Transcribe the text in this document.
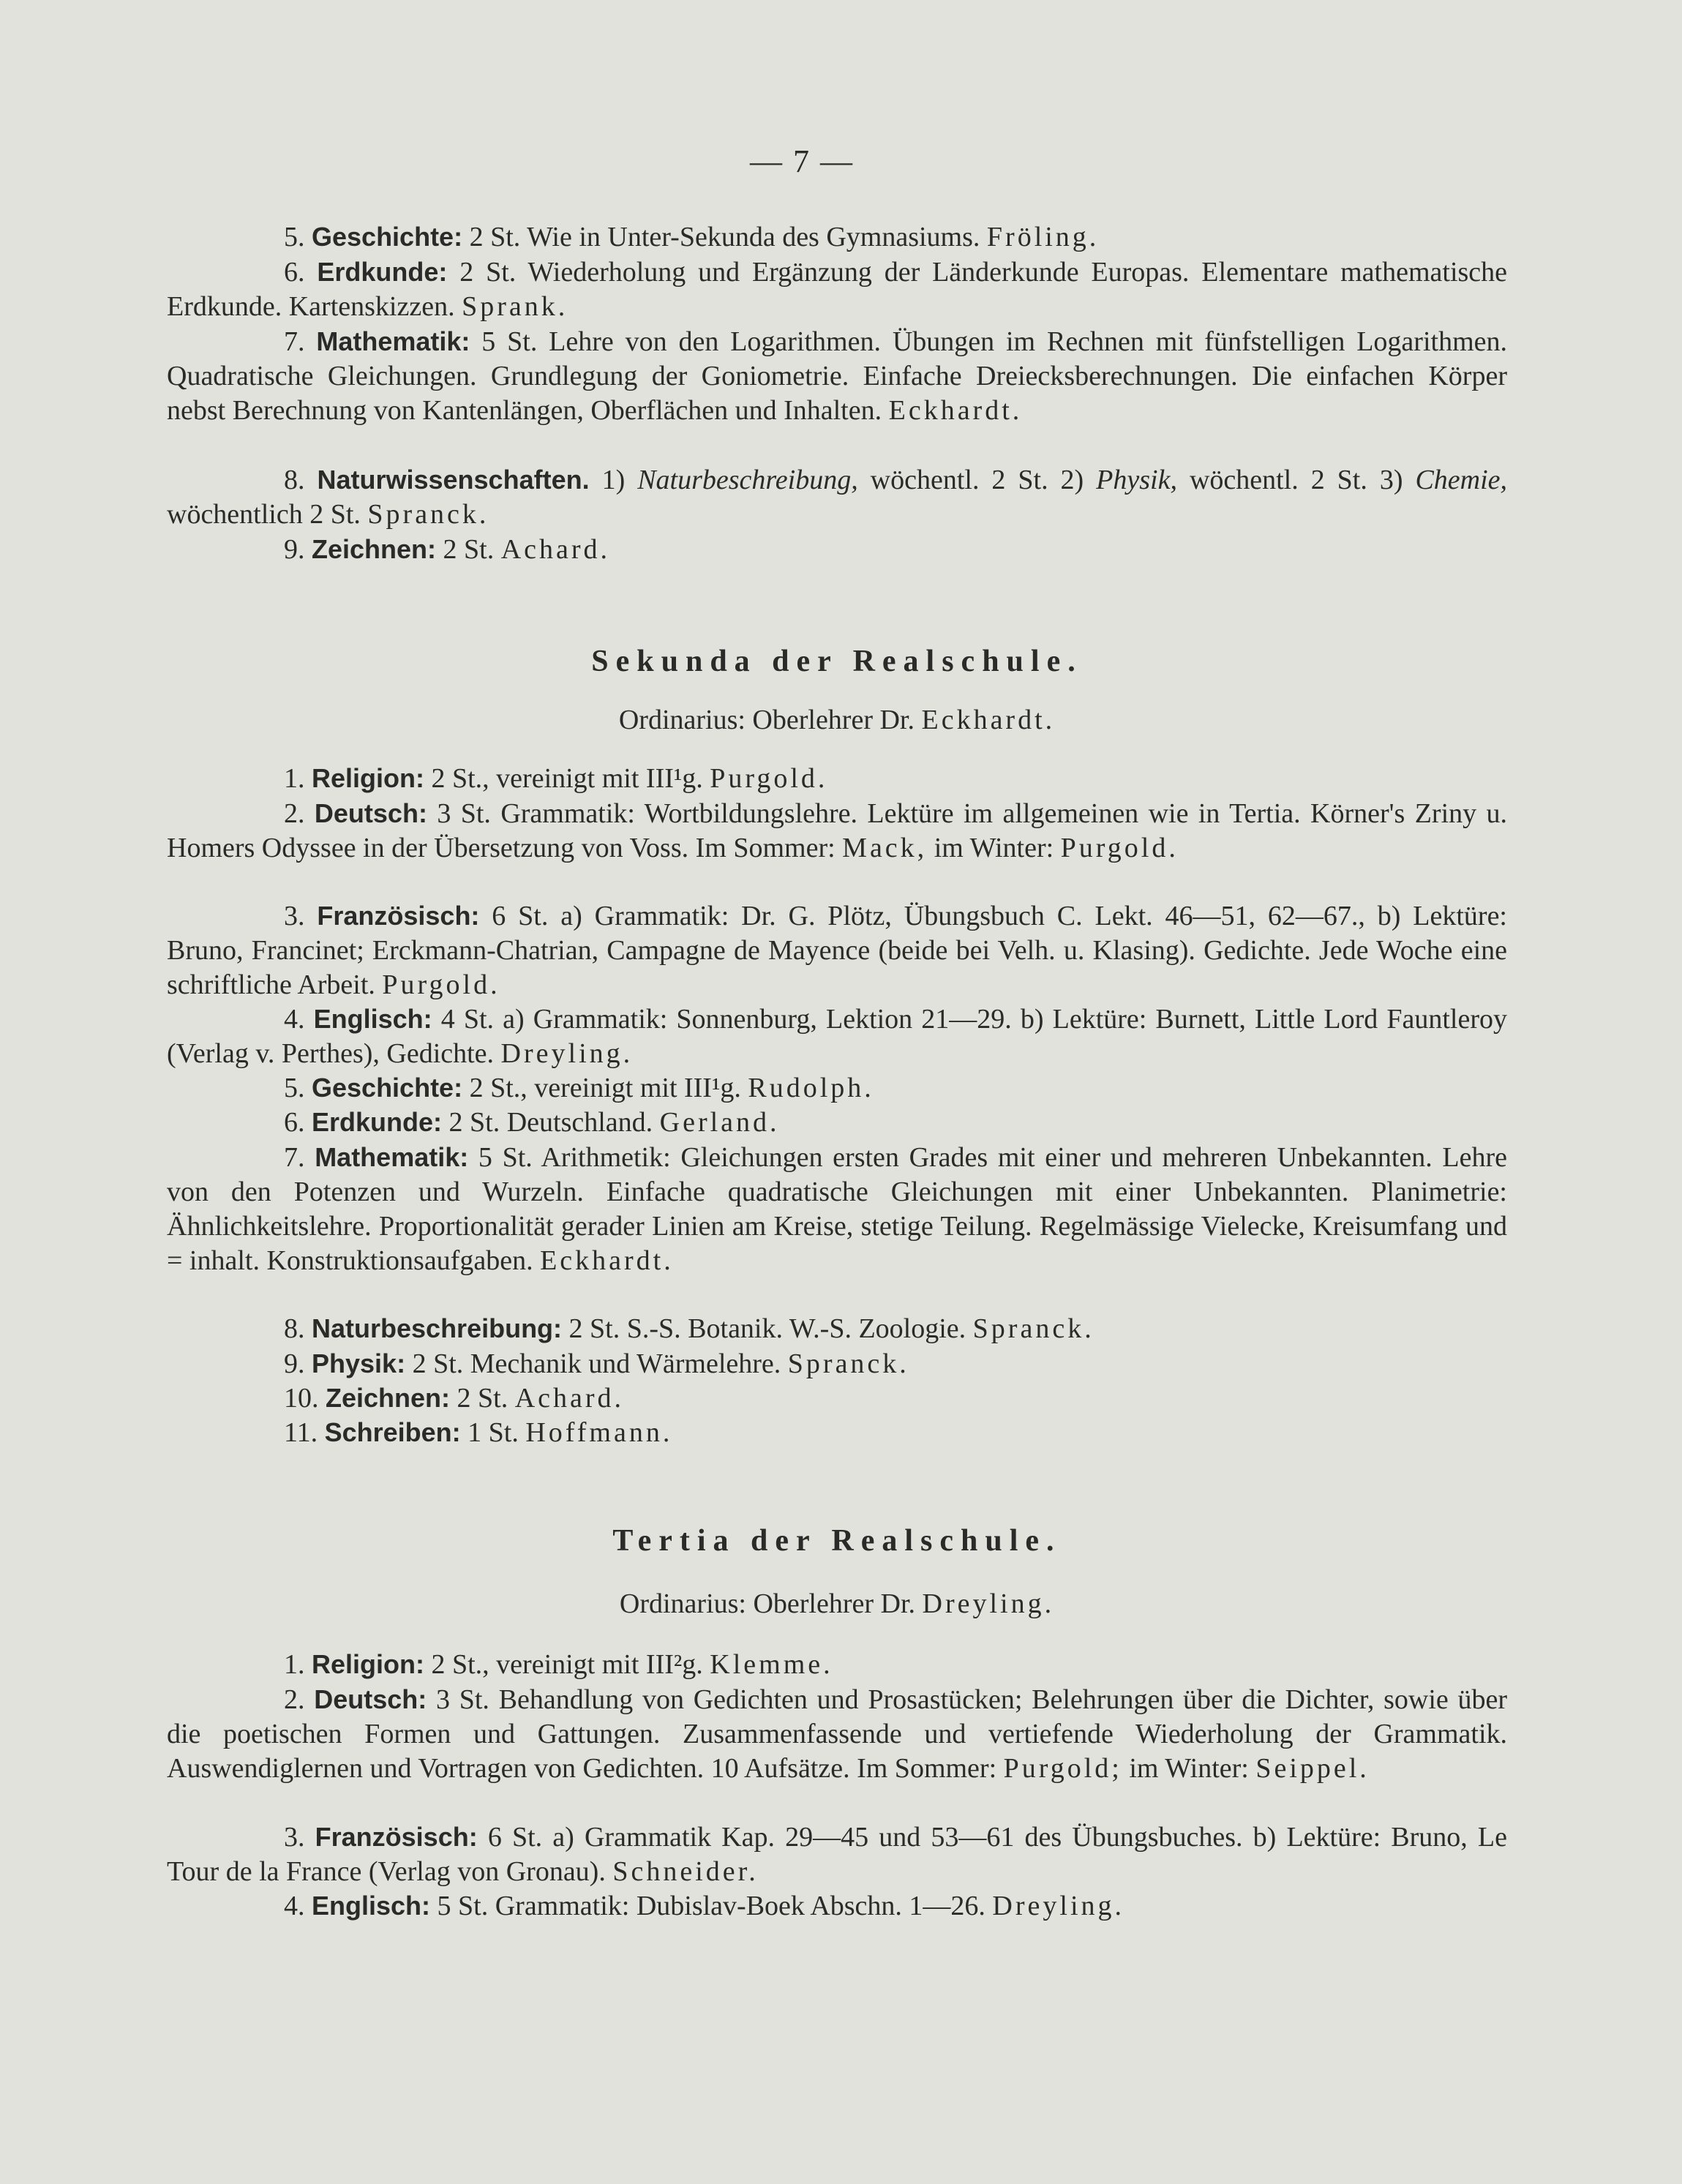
— 7 —
5. Geschichte: 2 St. Wie in Unter-Sekunda des Gymnasiums. Fröling.
6. Erdkunde: 2 St. Wiederholung und Ergänzung der Länderkunde Europas. Elementare mathematische Erdkunde. Kartenskizzen. Sprank.
7. Mathematik: 5 St. Lehre von den Logarithmen. Übungen im Rechnen mit fünfstelligen Logarithmen. Quadratische Gleichungen. Grundlegung der Goniometrie. Einfache Dreiecksberechnungen. Die einfachen Körper nebst Berechnung von Kantenlängen, Oberflächen und Inhalten. Eckhardt.
8. Naturwissenschaften. 1) Naturbeschreibung, wöchentl. 2 St. 2) Physik, wöchentl. 2 St. 3) Chemie, wöchentlich 2 St. Spranck.
9. Zeichnen: 2 St. Achard.
Sekunda der Realschule.
Ordinarius: Oberlehrer Dr. Eckhardt.
1. Religion: 2 St., vereinigt mit III¹g. Purgold.
2. Deutsch: 3 St. Grammatik: Wortbildungslehre. Lektüre im allgemeinen wie in Tertia. Körner's Zriny u. Homers Odyssee in der Übersetzung von Voss. Im Sommer: Mack, im Winter: Purgold.
3. Französisch: 6 St. a) Grammatik: Dr. G. Plötz, Übungsbuch C. Lekt. 46—51, 62—67., b) Lektüre: Bruno, Francinet; Erckmann-Chatrian, Campagne de Mayence (beide bei Velh. u. Klasing). Gedichte. Jede Woche eine schriftliche Arbeit. Purgold.
4. Englisch: 4 St. a) Grammatik: Sonnenburg, Lektion 21—29. b) Lektüre: Burnett, Little Lord Fauntleroy (Verlag v. Perthes), Gedichte. Dreyling.
5. Geschichte: 2 St., vereinigt mit III¹g. Rudolph.
6. Erdkunde: 2 St. Deutschland. Gerland.
7. Mathematik: 5 St. Arithmetik: Gleichungen ersten Grades mit einer und mehreren Unbekannten. Lehre von den Potenzen und Wurzeln. Einfache quadratische Gleichungen mit einer Unbekannten. Planimetrie: Ähnlichkeitslehre. Proportionalität gerader Linien am Kreise, stetige Teilung. Regelmässige Vielecke, Kreisumfang und = inhalt. Konstruktionsaufgaben. Eckhardt.
8. Naturbeschreibung: 2 St. S.-S. Botanik. W.-S. Zoologie. Spranck.
9. Physik: 2 St. Mechanik und Wärmelehre. Spranck.
10. Zeichnen: 2 St. Achard.
11. Schreiben: 1 St. Hoffmann.
Tertia der Realschule.
Ordinarius: Oberlehrer Dr. Dreyling.
1. Religion: 2 St., vereinigt mit III²g. Klemme.
2. Deutsch: 3 St. Behandlung von Gedichten und Prosastücken; Belehrungen über die Dichter, sowie über die poetischen Formen und Gattungen. Zusammenfassende und vertiefende Wiederholung der Grammatik. Auswendiglernen und Vortragen von Gedichten. 10 Aufsätze. Im Sommer: Purgold; im Winter: Seippel.
3. Französisch: 6 St. a) Grammatik Kap. 29—45 und 53—61 des Übungsbuches. b) Lektüre: Bruno, Le Tour de la France (Verlag von Gronau). Schneider.
4. Englisch: 5 St. Grammatik: Dubislav-Boek Abschn. 1—26. Dreyling.
